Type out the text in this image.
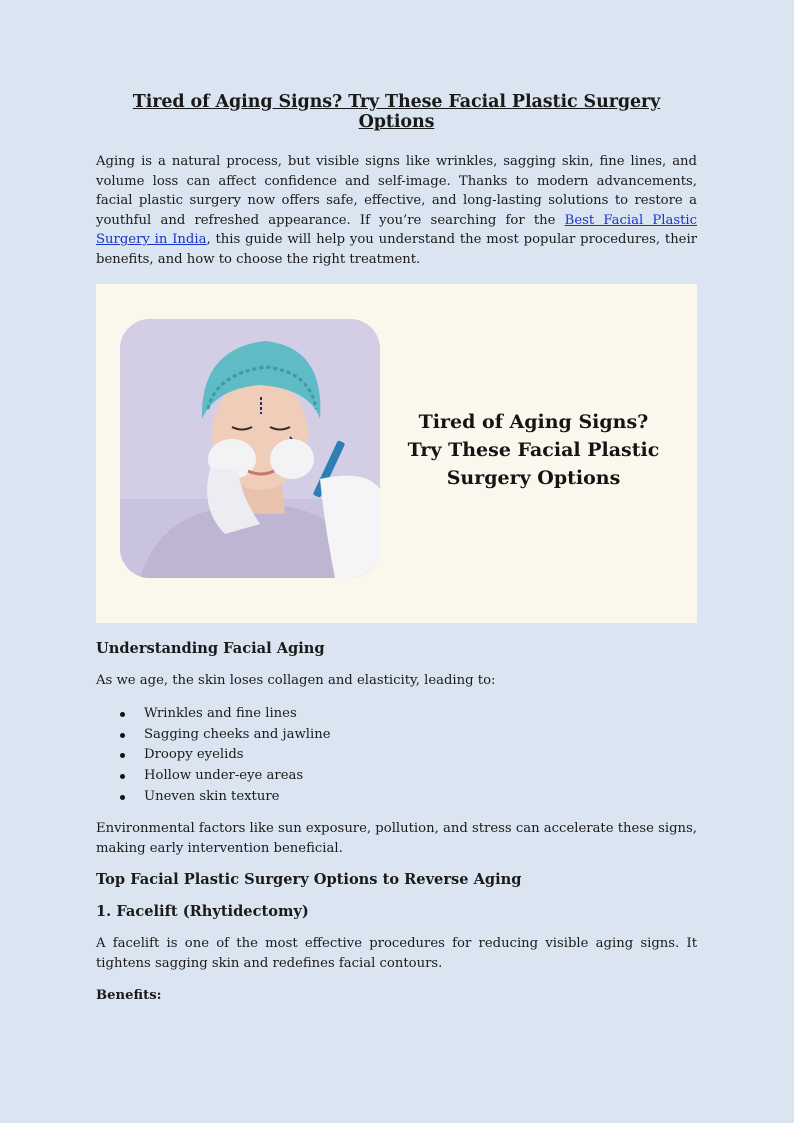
Tired of Aging Signs? Try These Facial Plastic Surgery Options

Aging is a natural process, but visible signs like wrinkles, sagging skin, fine lines, and volume loss can affect confidence and self-image. Thanks to modern advancements, facial plastic surgery now offers safe, effective, and long-lasting solutions to restore a youthful and refreshed appearance. If you’re searching for the Best Facial Plastic Surgery in India, this guide will help you understand the most popular procedures, their benefits, and how to choose the right treatment.

Tired of Aging Signs?
Try These Facial Plastic
Surgery Options
Understanding Facial Aging

As we age, the skin loses collagen and elasticity, leading to:

Wrinkles and fine lines
Sagging cheeks and jawline
Droopy eyelids
Hollow under-eye areas
Uneven skin texture

Environmental factors like sun exposure, pollution, and stress can accelerate these signs, making early intervention beneficial.

Top Facial Plastic Surgery Options to Reverse Aging
1. Facelift (Rhytidectomy)

A facelift is one of the most effective procedures for reducing visible aging signs. It tightens sagging skin and redefines facial contours.

Benefits:
